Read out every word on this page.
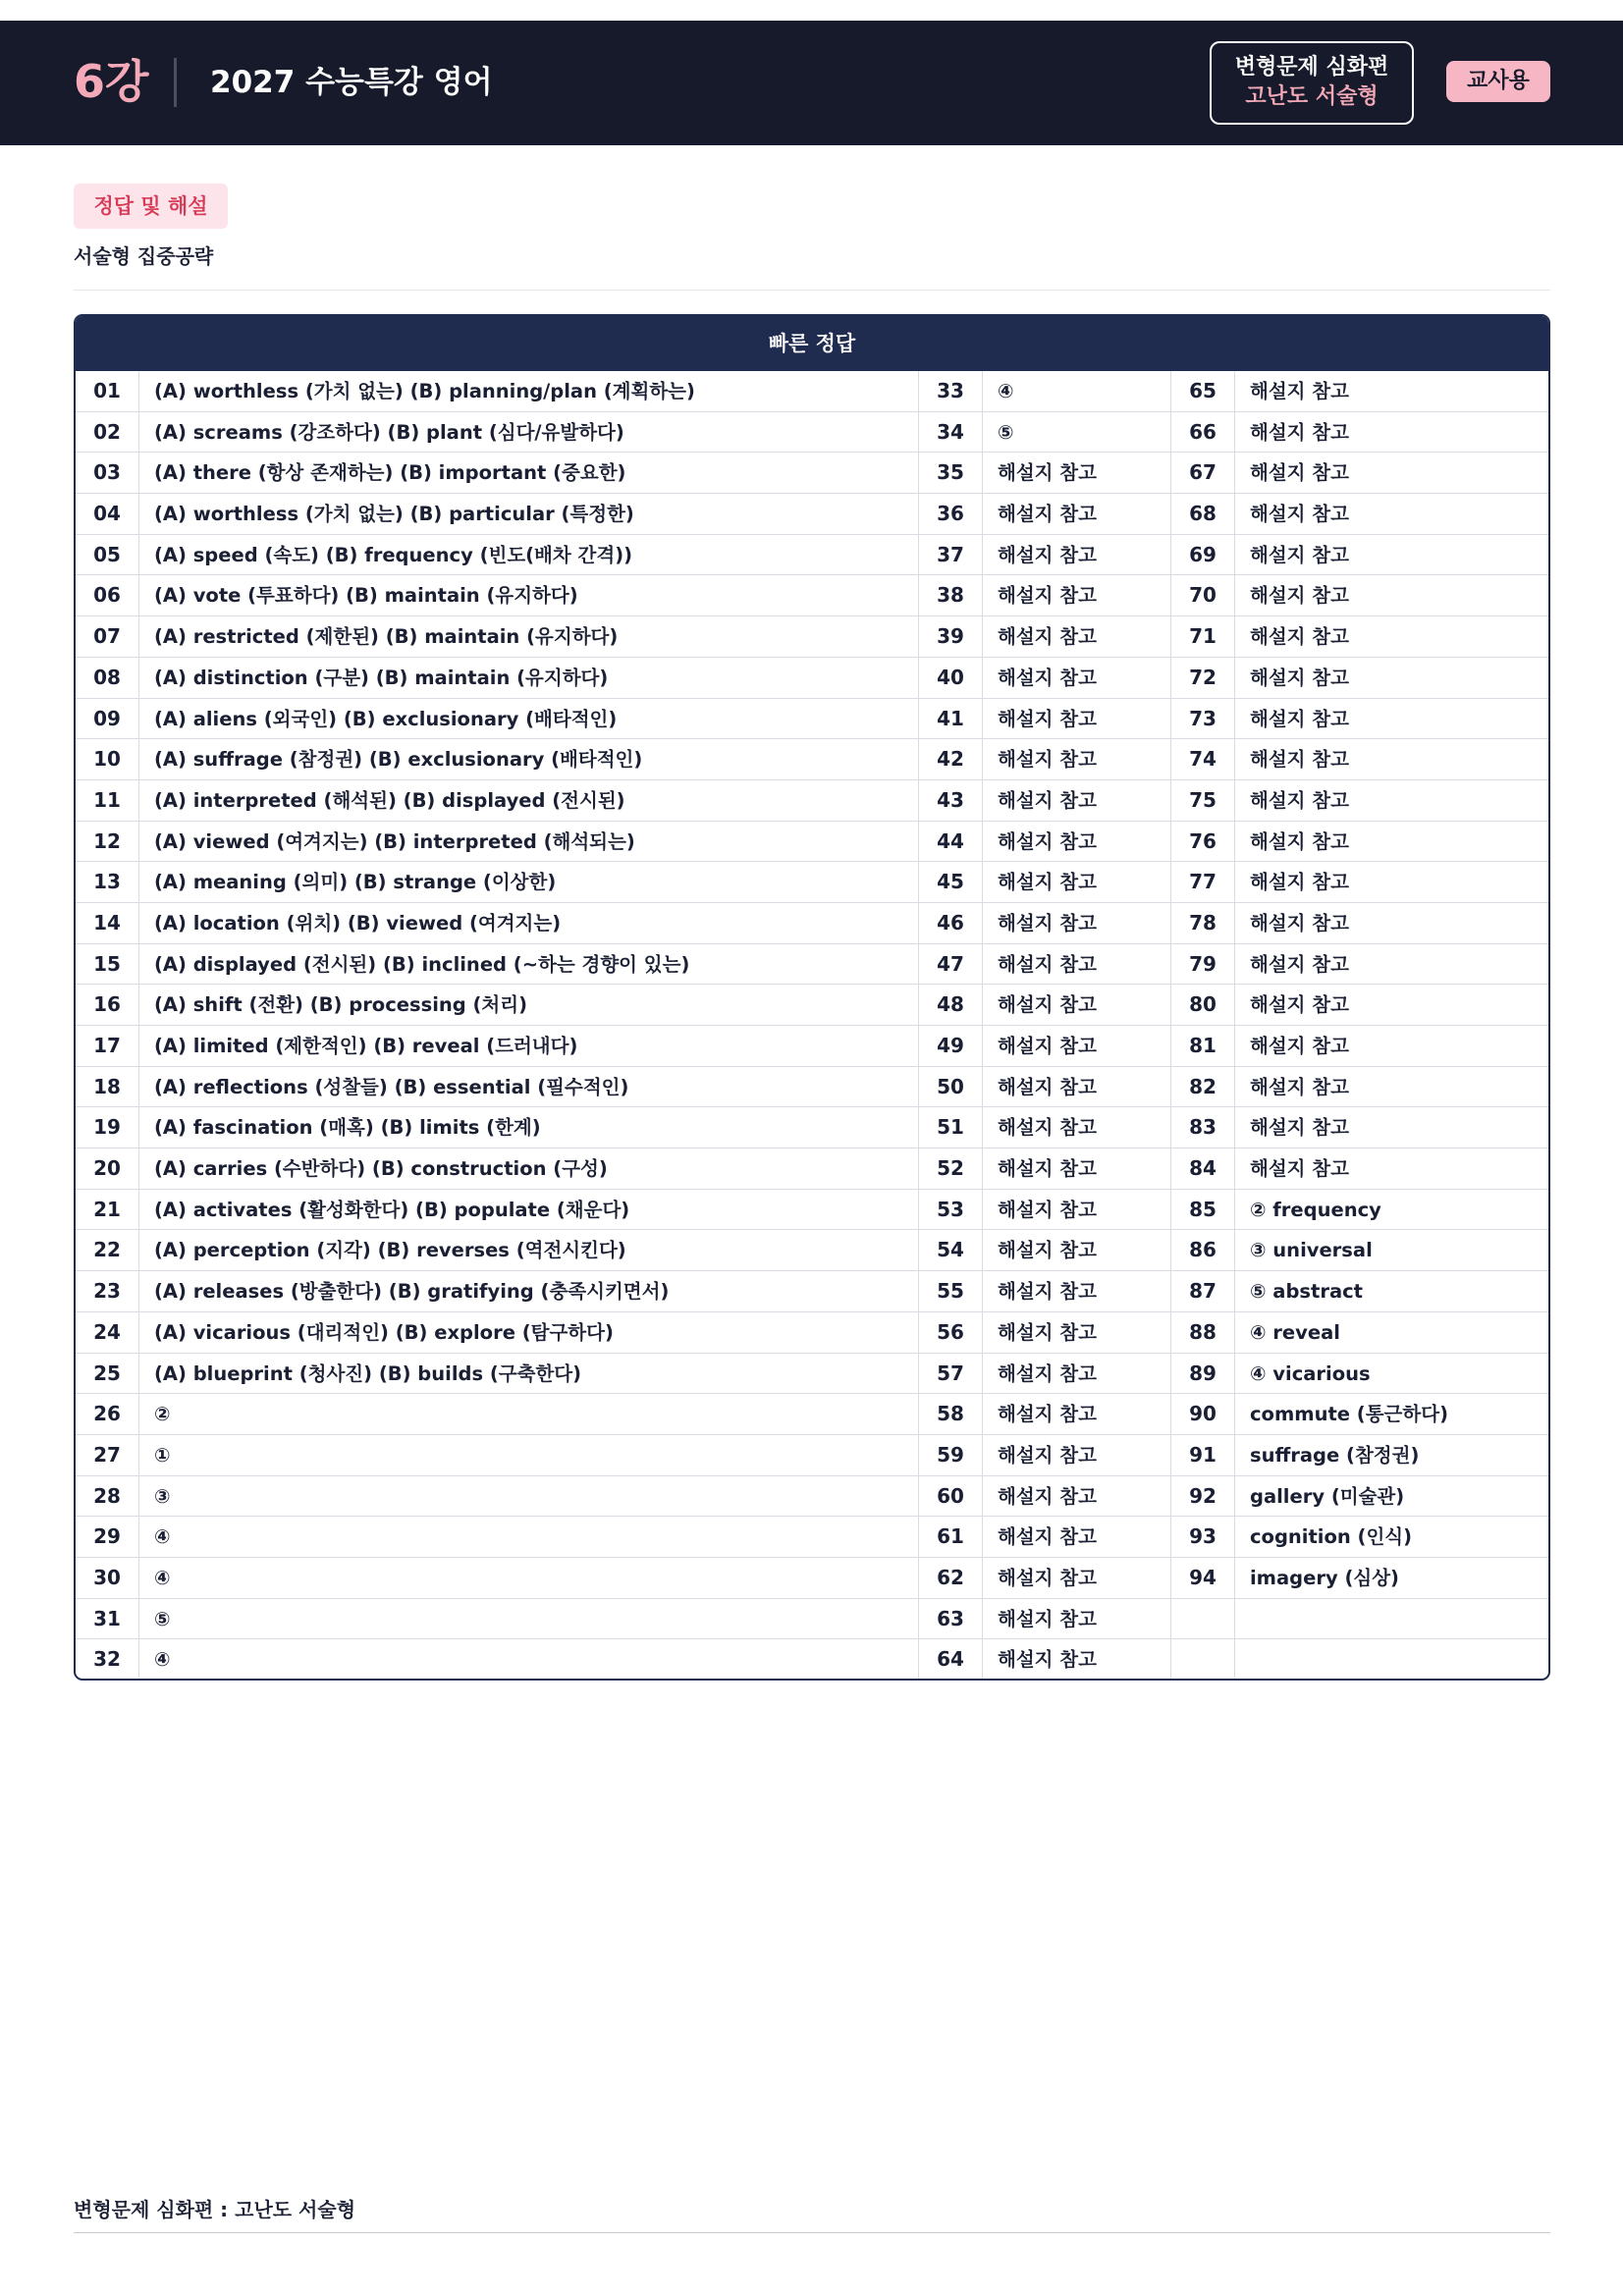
6강 2027 수능특강 영어	변형문제 심화편
고난도 서술형
교사용
정답 및 해설
서술형 집중공략
빠른 정답
01	(A) worthless (가치 없는) (B) planning/plan (계획하는)	33	④	65	해설지 참고
02	(A) screams (강조하다) (B) plant (심다/유발하다)	34	⑤	66	해설지 참고
03	(A) there (항상 존재하는) (B) important (중요한)	35	해설지 참고	67	해설지 참고
04	(A) worthless (가치 없는) (B) particular (특정한)	36	해설지 참고	68	해설지 참고
05	(A) speed (속도) (B) frequency (빈도(배차 간격))	37	해설지 참고	69	해설지 참고
06	(A) vote (투표하다) (B) maintain (유지하다)	38	해설지 참고	70	해설지 참고
07	(A) restricted (제한된) (B) maintain (유지하다)	39	해설지 참고	71	해설지 참고
08	(A) distinction (구분) (B) maintain (유지하다)	40	해설지 참고	72	해설지 참고
09	(A) aliens (외국인) (B) exclusionary (배타적인)	41	해설지 참고	73	해설지 참고
10	(A) suffrage (참정권) (B) exclusionary (배타적인)	42	해설지 참고	74	해설지 참고
11	(A) interpreted (해석된) (B) displayed (전시된)	43	해설지 참고	75	해설지 참고
12	(A) viewed (여겨지는) (B) interpreted (해석되는)	44	해설지 참고	76	해설지 참고
13	(A) meaning (의미) (B) strange (이상한)	45	해설지 참고	77	해설지 참고
14	(A) location (위치) (B) viewed (여겨지는)	46	해설지 참고	78	해설지 참고
15	(A) displayed (전시된) (B) inclined (~하는 경향이 있는)	47	해설지 참고	79	해설지 참고
16	(A) shift (전환) (B) processing (처리)	48	해설지 참고	80	해설지 참고
17	(A) limited (제한적인) (B) reveal (드러내다)	49	해설지 참고	81	해설지 참고
18	(A) reflections (성찰들) (B) essential (필수적인)	50	해설지 참고	82	해설지 참고
19	(A) fascination (매혹) (B) limits (한계)	51	해설지 참고	83	해설지 참고
20	(A) carries (수반하다) (B) construction (구성)	52	해설지 참고	84	해설지 참고
21	(A) activates (활성화한다) (B) populate (채운다)	53	해설지 참고	85	② frequency
22	(A) perception (지각) (B) reverses (역전시킨다)	54	해설지 참고	86	③ universal
23	(A) releases (방출한다) (B) gratifying (충족시키면서)	55	해설지 참고	87	⑤ abstract
24	(A) vicarious (대리적인) (B) explore (탐구하다)	56	해설지 참고	88	④ reveal
25	(A) blueprint (청사진) (B) builds (구축한다)	57	해설지 참고	89	④ vicarious
26	②	58	해설지 참고	90	commute (통근하다)
27	①	59	해설지 참고	91	suffrage (참정권)
28	③	60	해설지 참고	92	gallery (미술관)
29	④	61	해설지 참고	93	cognition (인식)
30	④	62	해설지 참고	94	imagery (심상)
31	⑤	63	해설지 참고
32	④	64	해설지 참고
변형문제 심화편 : 고난도 서술형
